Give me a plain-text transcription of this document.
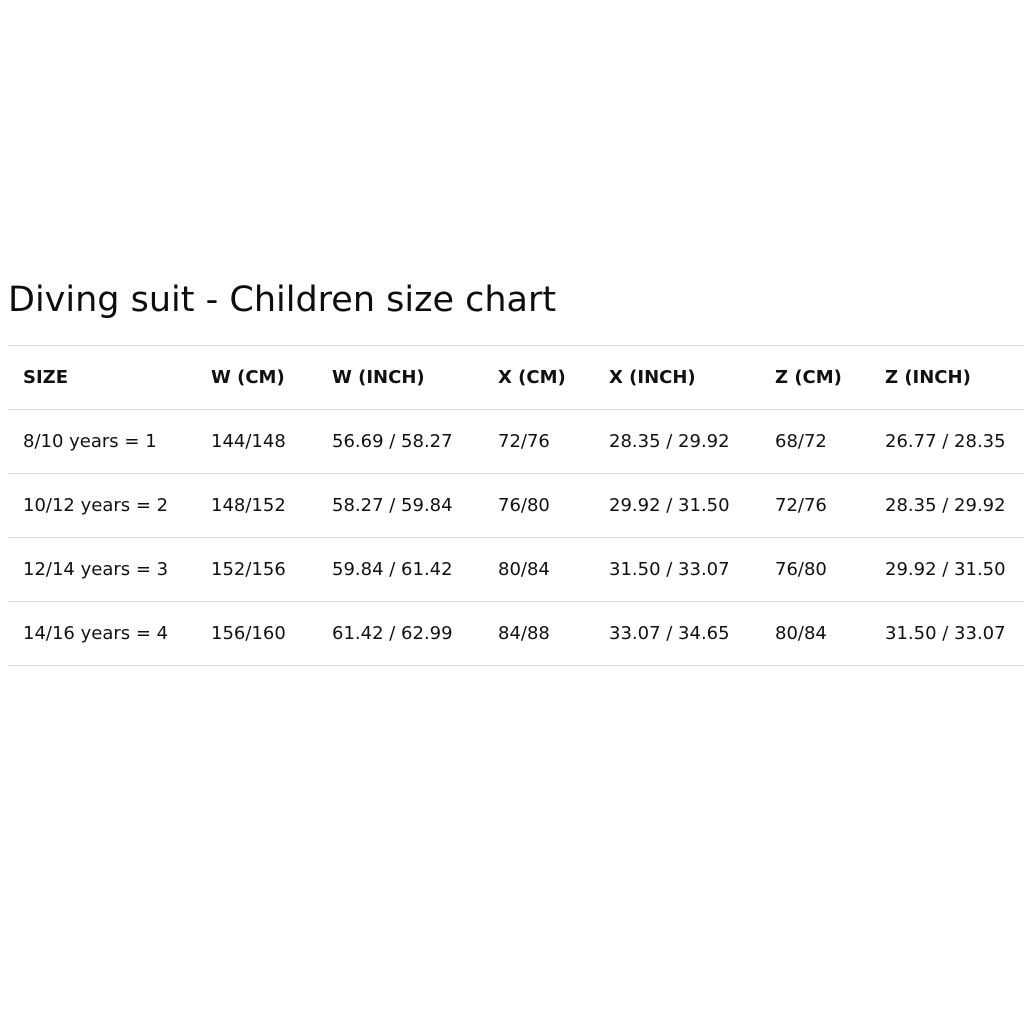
Diving suit - Children size chart
SIZE	W (CM)	W (INCH)	X (CM)	X (INCH)	Z (CM)	Z (INCH)
8/10 years = 1	144/148	56.69 / 58.27	72/76	28.35 / 29.92	68/72	26.77 / 28.35
10/12 years = 2	148/152	58.27 / 59.84	76/80	29.92 / 31.50	72/76	28.35 / 29.92
12/14 years = 3	152/156	59.84 / 61.42	80/84	31.50 / 33.07	76/80	29.92 / 31.50
14/16 years = 4	156/160	61.42 / 62.99	84/88	33.07 / 34.65	80/84	31.50 / 33.07
